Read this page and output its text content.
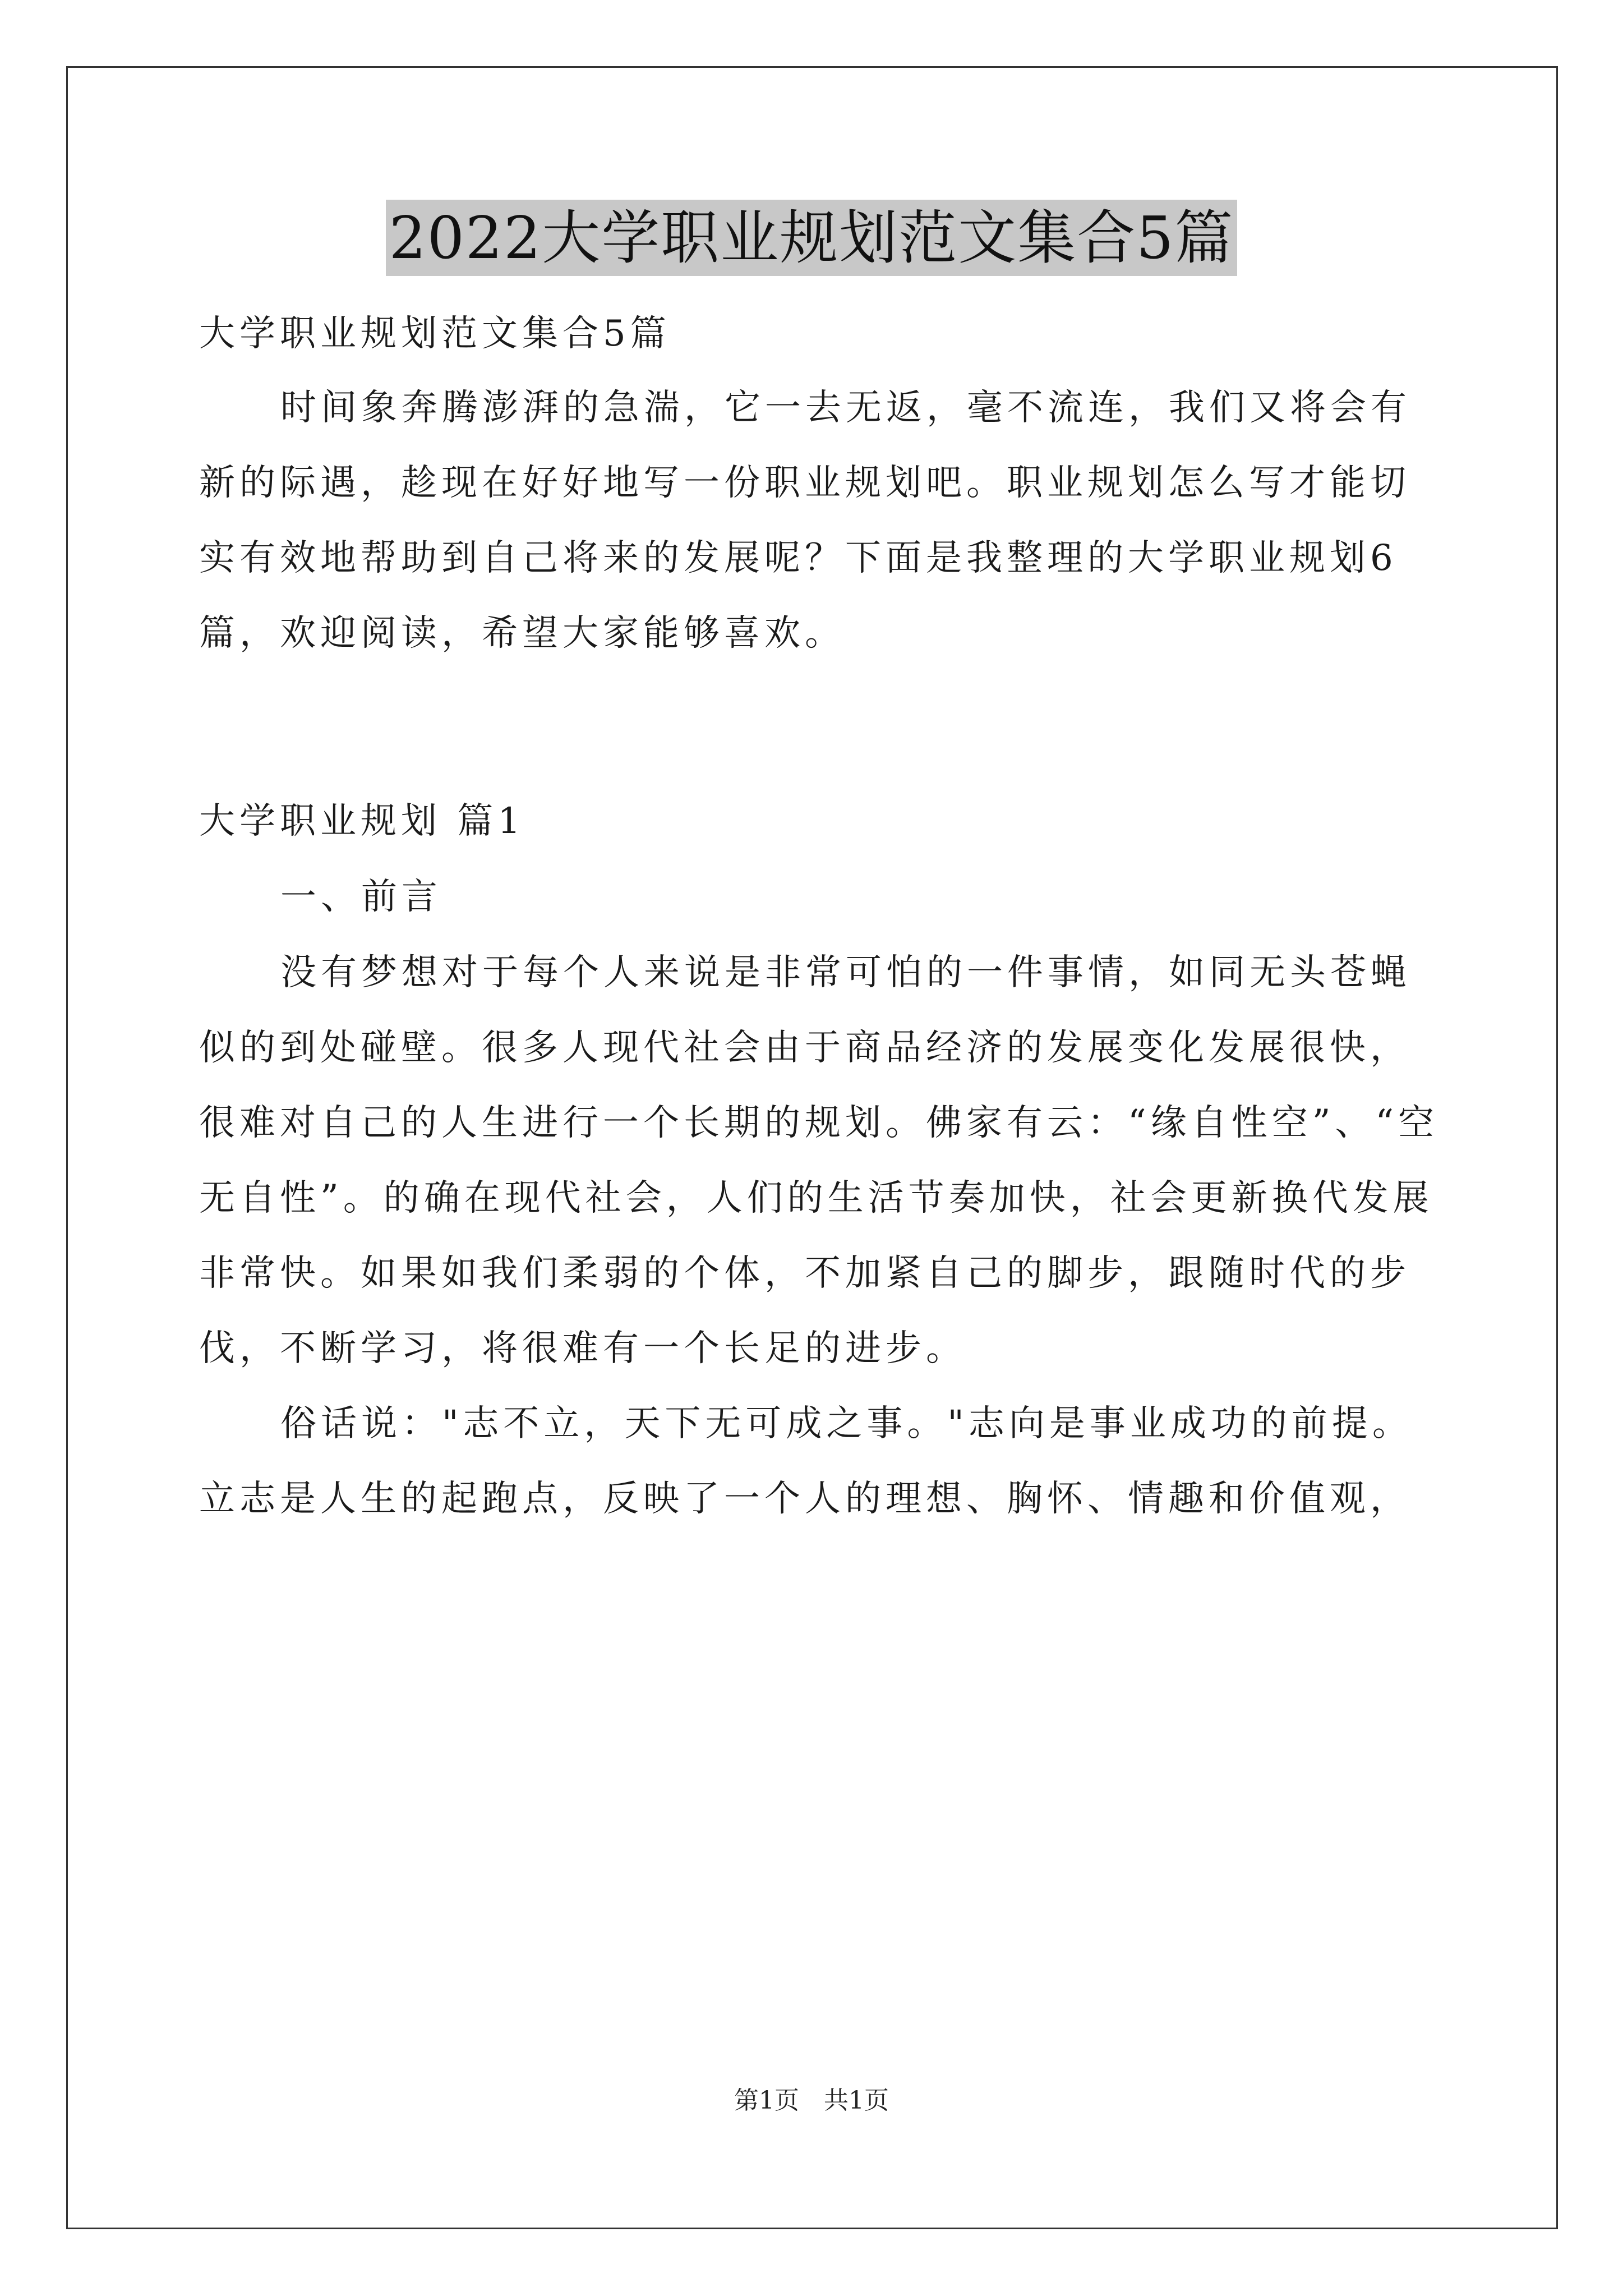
2022大学职业规划范文集合5篇
大学职业规划范文集合5篇
时间象奔腾澎湃的急湍，它一去无返，毫不流连，我们又将会有
新的际遇，趁现在好好地写一份职业规划吧。职业规划怎么写才能切
实有效地帮助到自己将来的发展呢？下面是我整理的大学职业规划6
篇，欢迎阅读，希望大家能够喜欢。
大学职业规划 篇1
一、前言
没有梦想对于每个人来说是非常可怕的一件事情，如同无头苍蝇
似的到处碰壁。很多人现代社会由于商品经济的发展变化发展很快，
很难对自己的人生进行一个长期的规划。佛家有云：“缘自性空”、“空
无自性”。的确在现代社会，人们的生活节奏加快，社会更新换代发展
非常快。如果如我们柔弱的个体，不加紧自己的脚步，跟随时代的步
伐，不断学习，将很难有一个长足的进步。
俗话说："志不立，天下无可成之事。"志向是事业成功的前提。
立志是人生的起跑点，反映了一个人的理想、胸怀、情趣和价值观，
第1页　共1页
